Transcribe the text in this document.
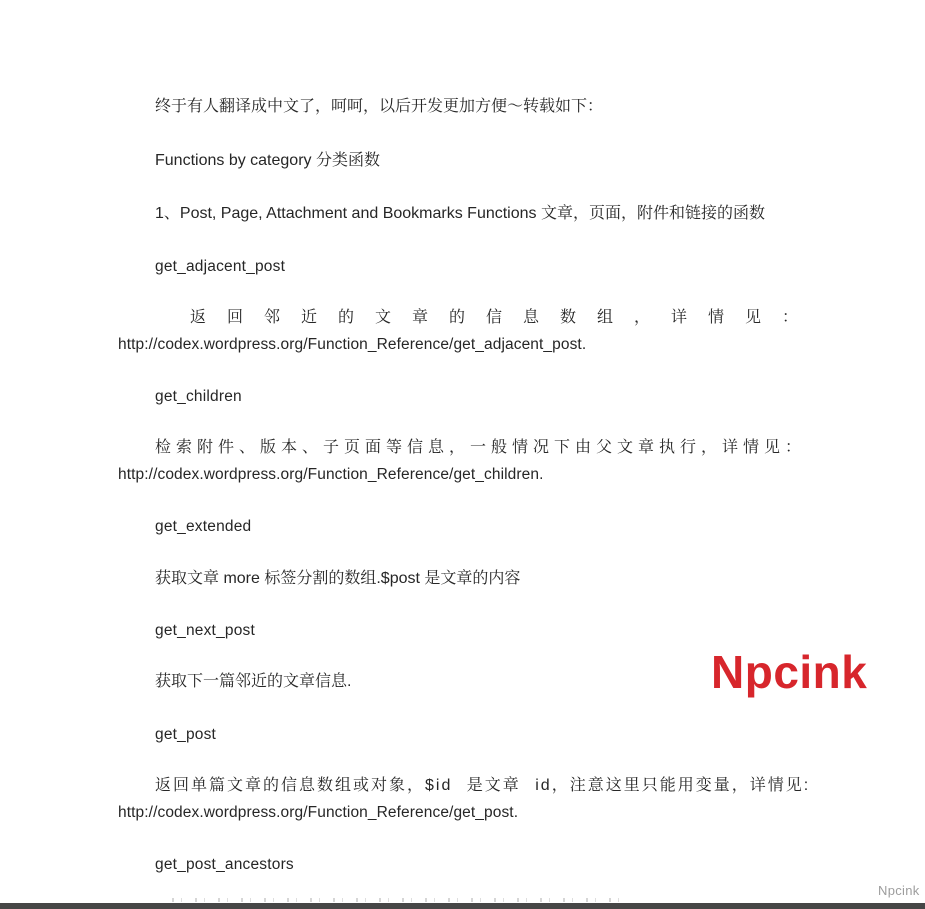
终于有人翻译成中文了，呵呵，以后开发更加方便～转载如下：
Functions by category 分类函数
1、Post, Page, Attachment and Bookmarks Functions 文章，页面，附件和链接的函数
get_adjacent_post
返回邻近的文章的信息数组，详情见：
http://codex.wordpress.org/Function_Reference/get_adjacent_post.
get_children
检索附件、版本、子页面等信息，一般情况下由父文章执行，详情见：
http://codex.wordpress.org/Function_Reference/get_children.
get_extended
获取文章 more 标签分割的数组.$post 是文章的内容
get_next_post
获取下一篇邻近的文章信息.
get_post
返回单篇文章的信息数组或对象，$id 是文章 id，注意这里只能用变量，详情见:
http://codex.wordpress.org/Function_Reference/get_post.
get_post_ancestors
Npcink
Npcink
